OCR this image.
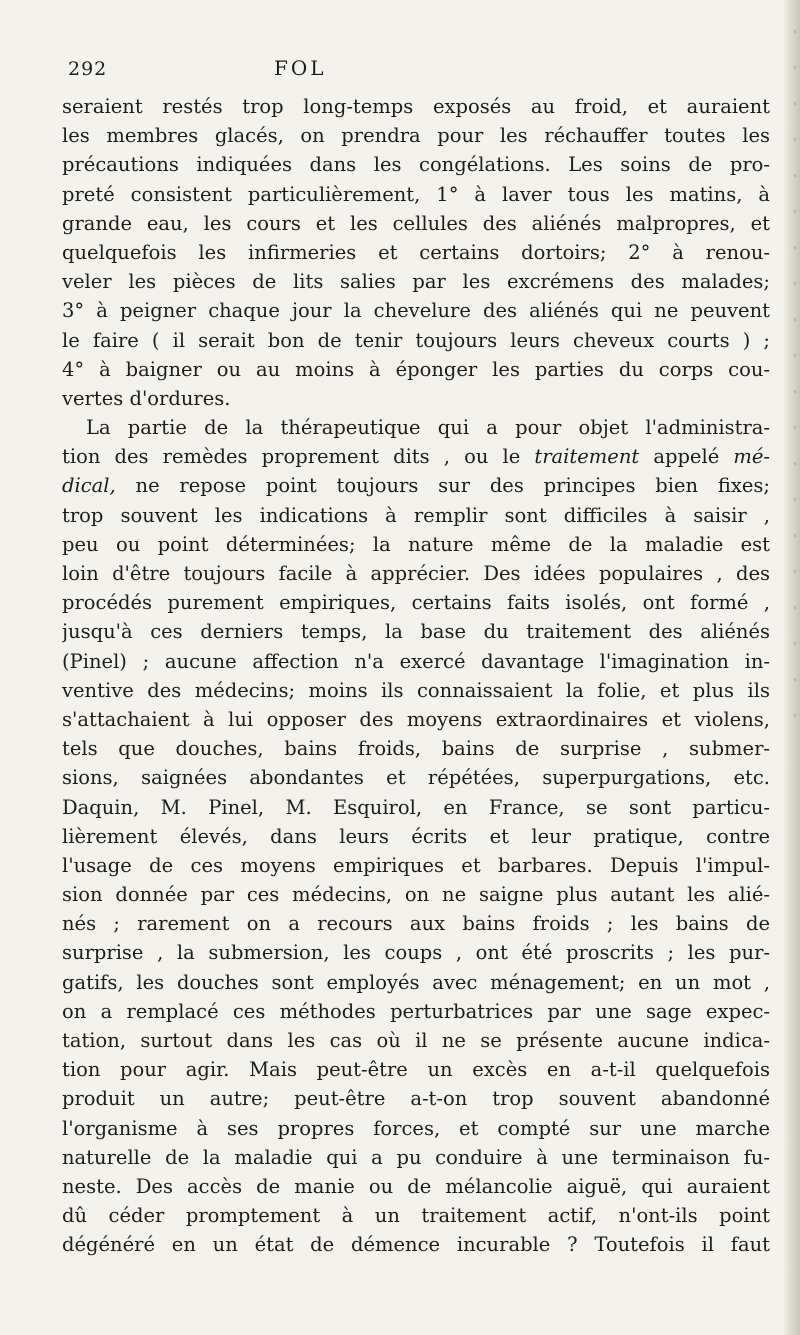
292	FOL
seraient restés trop long-temps exposés au froid, et auraient
les membres glacés, on prendra pour les réchauffer toutes les
précautions indiquées dans les congélations. Les soins de pro-
preté consistent particulièrement, 1° à laver tous les matins, à
grande eau, les cours et les cellules des aliénés malpropres, et
quelquefois les infirmeries et certains dortoirs; 2° à renou-
veler les pièces de lits salies par les excrémens des malades;
3° à peigner chaque jour la chevelure des aliénés qui ne peuvent
le faire ( il serait bon de tenir toujours leurs cheveux courts ) ;
4° à baigner ou au moins à éponger les parties du corps cou-
vertes d'ordures.
La partie de la thérapeutique qui a pour objet l'administra-
tion des remèdes proprement dits , ou le traitement appelé mé-
dical, ne repose point toujours sur des principes bien fixes;
trop souvent les indications à remplir sont difficiles à saisir ,
peu ou point déterminées; la nature même de la maladie est
loin d'être toujours facile à apprécier. Des idées populaires , des
procédés purement empiriques, certains faits isolés, ont formé ,
jusqu'à ces derniers temps, la base du traitement des aliénés
(Pinel) ; aucune affection n'a exercé davantage l'imagination in-
ventive des médecins; moins ils connaissaient la folie, et plus ils
s'attachaient à lui opposer des moyens extraordinaires et violens,
tels que douches, bains froids, bains de surprise , submer-
sions, saignées abondantes et répétées, superpurgations, etc.
Daquin, M. Pinel, M. Esquirol, en France, se sont particu-
lièrement élevés, dans leurs écrits et leur pratique, contre
l'usage de ces moyens empiriques et barbares. Depuis l'impul-
sion donnée par ces médecins, on ne saigne plus autant les alié-
nés ; rarement on a recours aux bains froids ; les bains de
surprise , la submersion, les coups , ont été proscrits ; les pur-
gatifs, les douches sont employés avec ménagement; en un mot ,
on a remplacé ces méthodes perturbatrices par une sage expec-
tation, surtout dans les cas où il ne se présente aucune indica-
tion pour agir. Mais peut-être un excès en a-t-il quelquefois
produit un autre; peut-être a-t-on trop souvent abandonné
l'organisme à ses propres forces, et compté sur une marche
naturelle de la maladie qui a pu conduire à une terminaison fu-
neste. Des accès de manie ou de mélancolie aiguë, qui auraient
dû céder promptement à un traitement actif, n'ont-ils point
dégénéré en un état de démence incurable ? Toutefois il faut
